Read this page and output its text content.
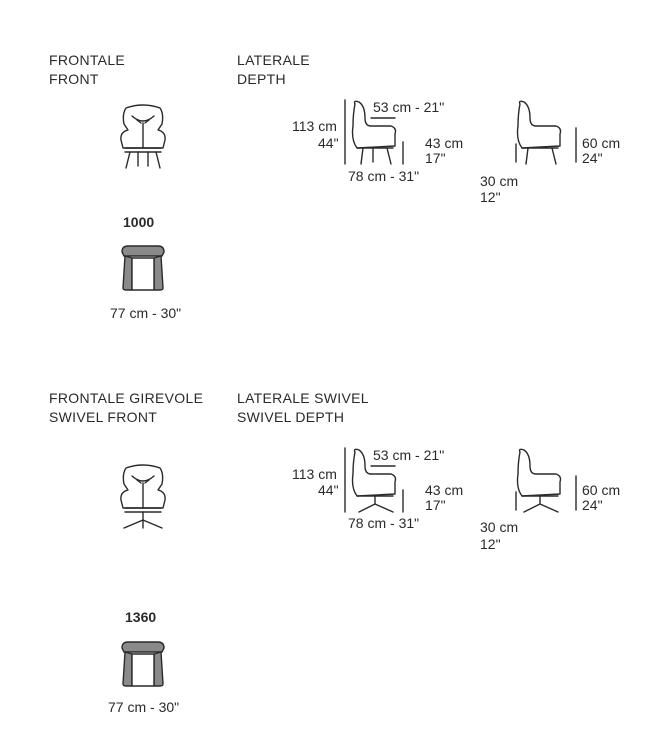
FRONTALE
FRONT
LATERALE
DEPTH
1000
77 cm - 30"
113 cm
44"
53 cm - 21''
43 cm
17"
78 cm - 31"
60 cm
24"
30 cm
12"
FRONTALE GIREVOLE
SWIVEL FRONT
LATERALE SWIVEL
SWIVEL DEPTH
1360
77 cm - 30"
113 cm
44"
53 cm - 21''
43 cm
17"
78 cm - 31"
60 cm
24"
30 cm
12"
